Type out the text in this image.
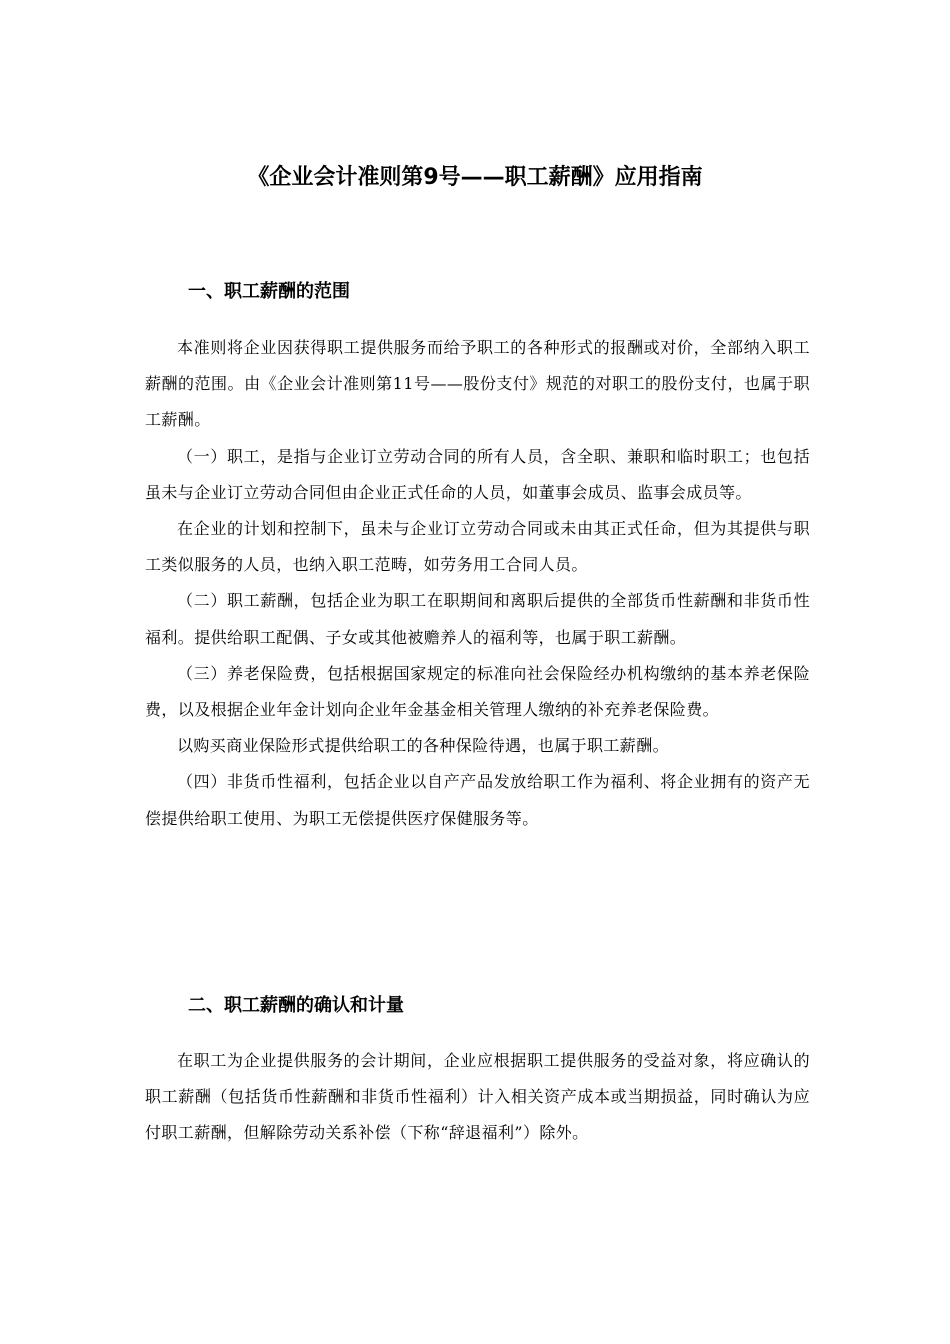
《企业会计准则第9号——职工薪酬》应用指南
一、职工薪酬的范围

本准则将企业因获得职工提供服务而给予职工的各种形式的报酬或对价，全部纳入职工薪酬的范围。由《企业会计准则第11号——股份支付》规范的对职工的股份支付，也属于职工薪酬。

（一）职工，是指与企业订立劳动合同的所有人员，含全职、兼职和临时职工；也包括虽未与企业订立劳动合同但由企业正式任命的人员，如董事会成员、监事会成员等。

在企业的计划和控制下，虽未与企业订立劳动合同或未由其正式任命，但为其提供与职工类似服务的人员，也纳入职工范畴，如劳务用工合同人员。

（二）职工薪酬，包括企业为职工在职期间和离职后提供的全部货币性薪酬和非货币性福利。提供给职工配偶、子女或其他被赡养人的福利等，也属于职工薪酬。

（三）养老保险费，包括根据国家规定的标准向社会保险经办机构缴纳的基本养老保险费，以及根据企业年金计划向企业年金基金相关管理人缴纳的补充养老保险费。

以购买商业保险形式提供给职工的各种保险待遇，也属于职工薪酬。

（四）非货币性福利，包括企业以自产产品发放给职工作为福利、将企业拥有的资产无偿提供给职工使用、为职工无偿提供医疗保健服务等。

二、职工薪酬的确认和计量

在职工为企业提供服务的会计期间，企业应根据职工提供服务的受益对象，将应确认的职工薪酬（包括货币性薪酬和非货币性福利）计入相关资产成本或当期损益，同时确认为应付职工薪酬，但解除劳动关系补偿（下称“辞退福利”）除外。
